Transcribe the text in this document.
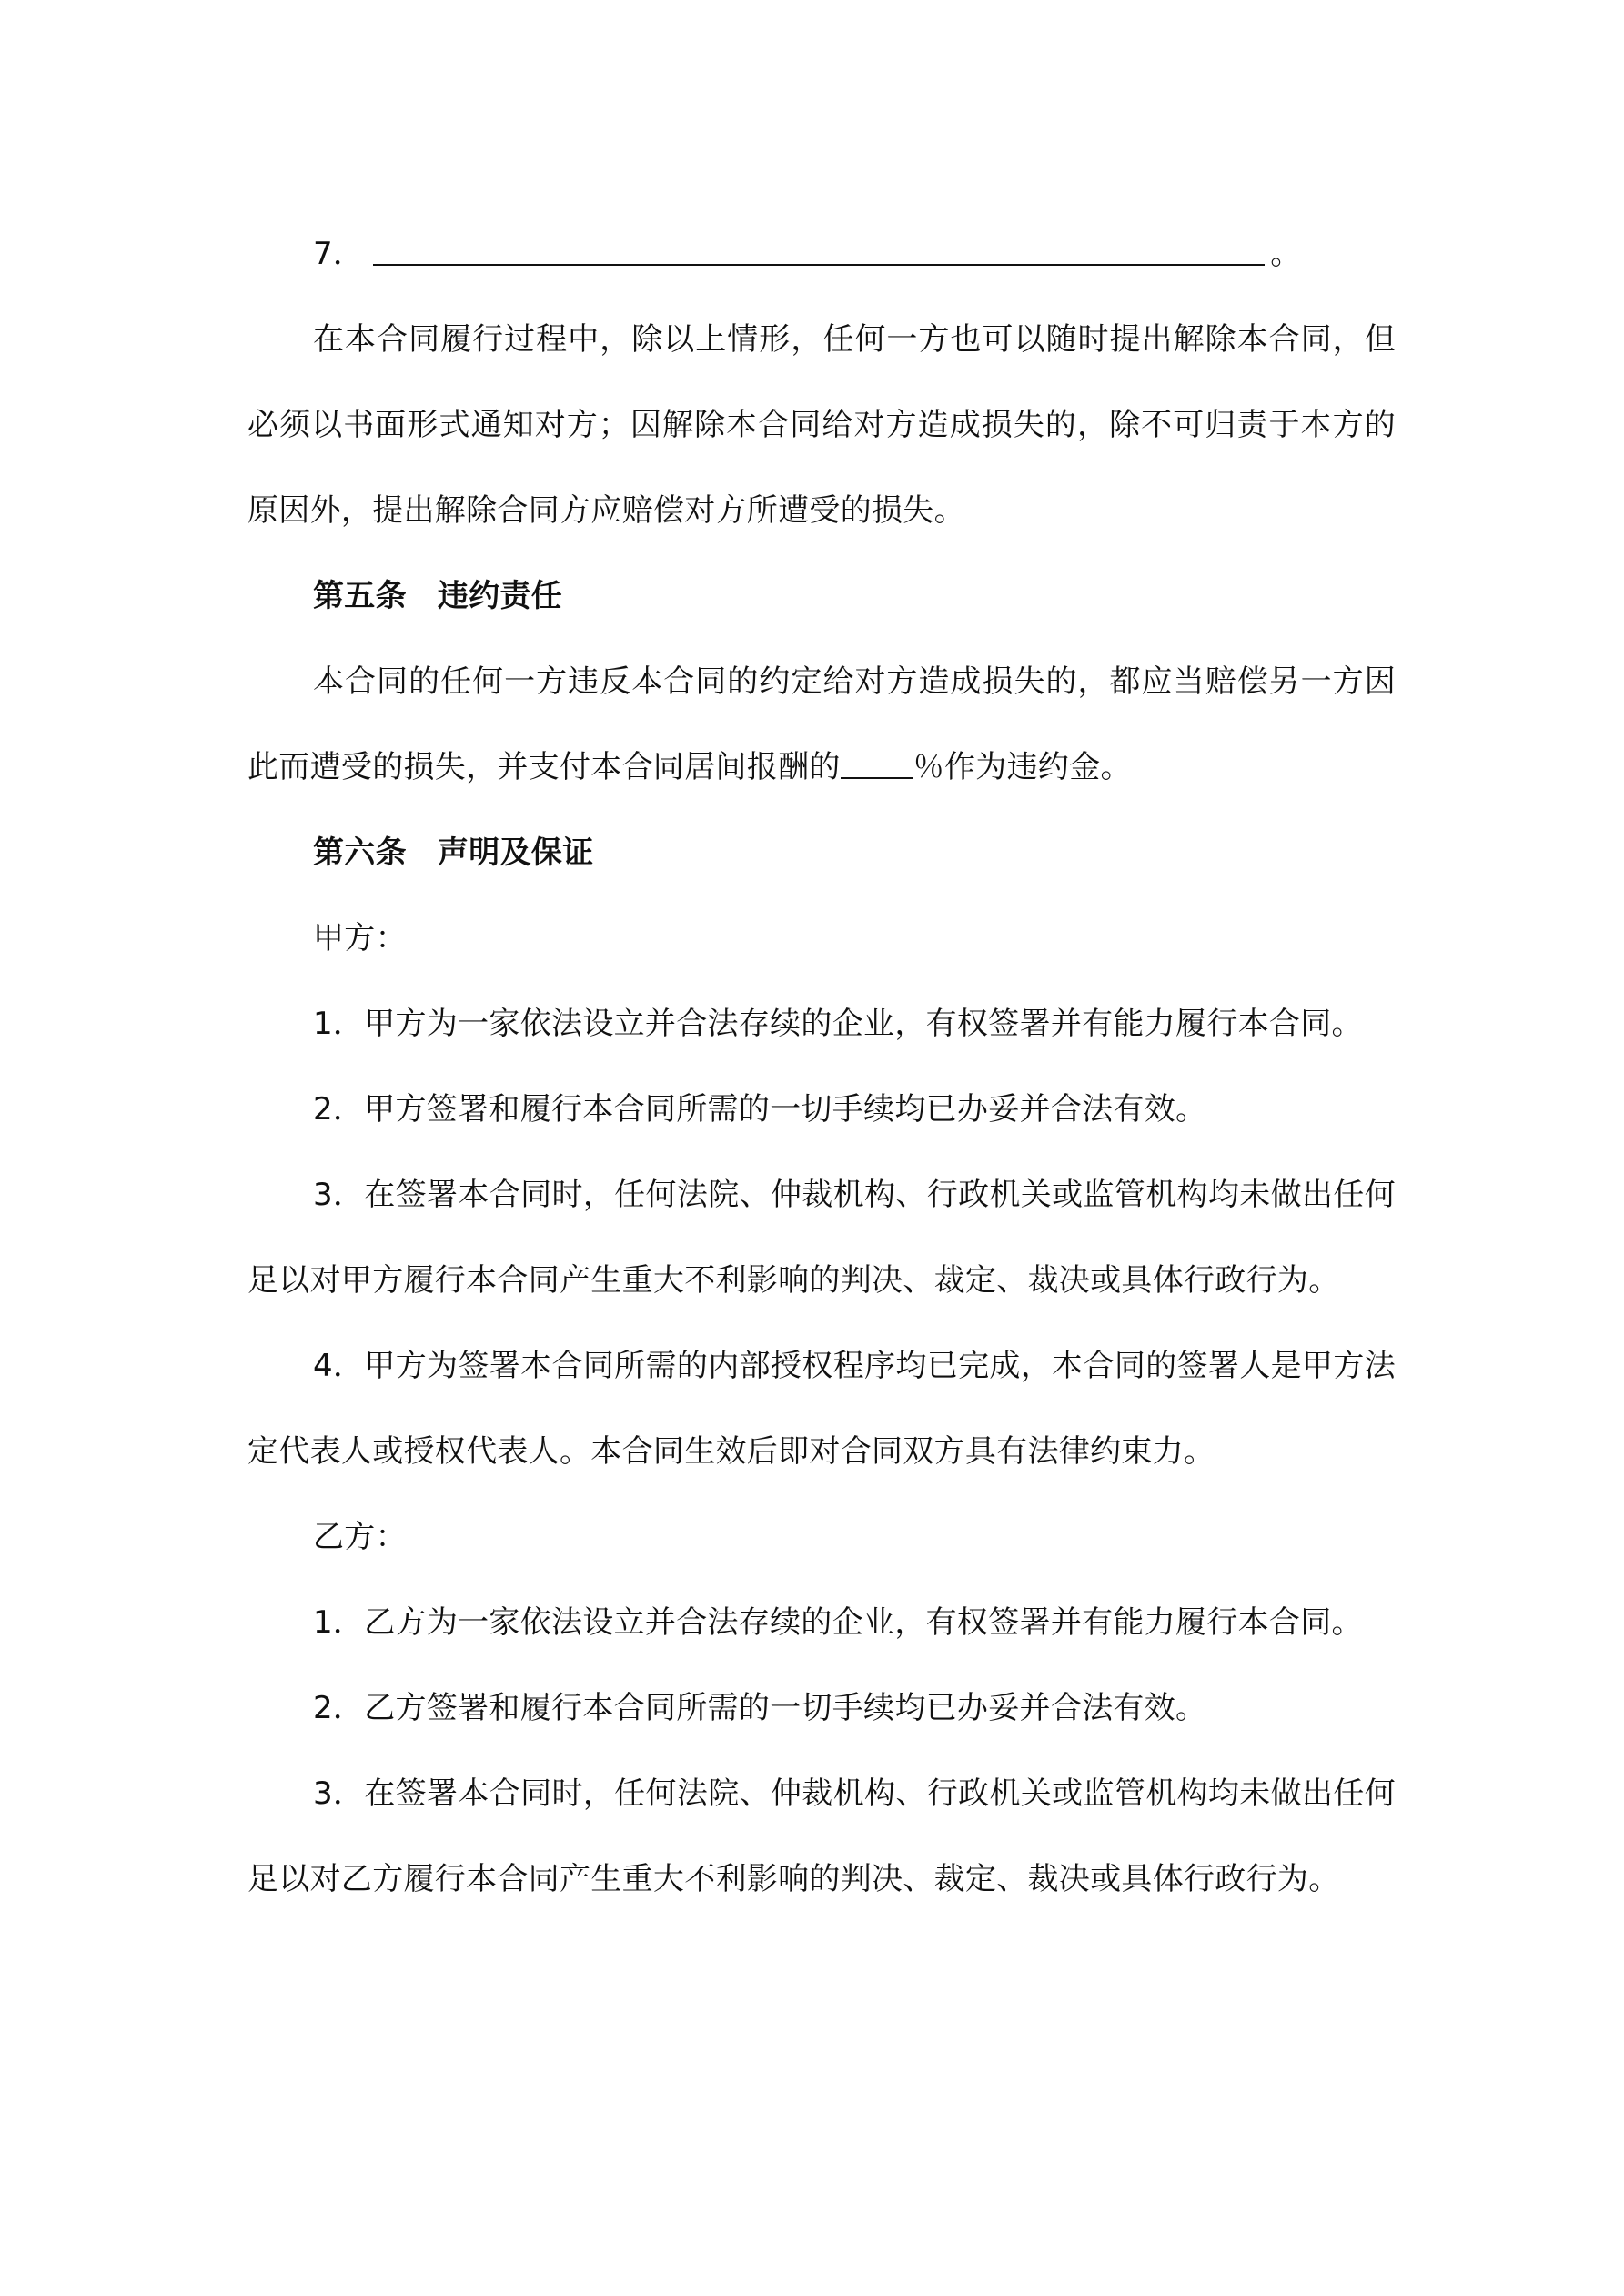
7．	。

在本合同履行过程中，除以上情形，任何一方也可以随时提出解除本合同，但必须以书面形式通知对方；因解除本合同给对方造成损失的，除不可归责于本方的原因外，提出解除合同方应赔偿对方所遭受的损失。

第五条 违约责任

本合同的任何一方违反本合同的约定给对方造成损失的，都应当赔偿另一方因此而遭受的损失，并支付本合同居间报酬的 ％作为违约金。

第六条 声明及保证

甲方：

1．甲方为一家依法设立并合法存续的企业，有权签署并有能力履行本合同。

2．甲方签署和履行本合同所需的一切手续均已办妥并合法有效。

3．在签署本合同时，任何法院、仲裁机构、行政机关或监管机构均未做出任何足以对甲方履行本合同产生重大不利影响的判决、裁定、裁决或具体行政行为。

4．甲方为签署本合同所需的内部授权程序均已完成，本合同的签署人是甲方法定代表人或授权代表人。本合同生效后即对合同双方具有法律约束力。

乙方：

1．乙方为一家依法设立并合法存续的企业，有权签署并有能力履行本合同。

2．乙方签署和履行本合同所需的一切手续均已办妥并合法有效。

3．在签署本合同时，任何法院、仲裁机构、行政机关或监管机构均未做出任何足以对乙方履行本合同产生重大不利影响的判决、裁定、裁决或具体行政行为。
